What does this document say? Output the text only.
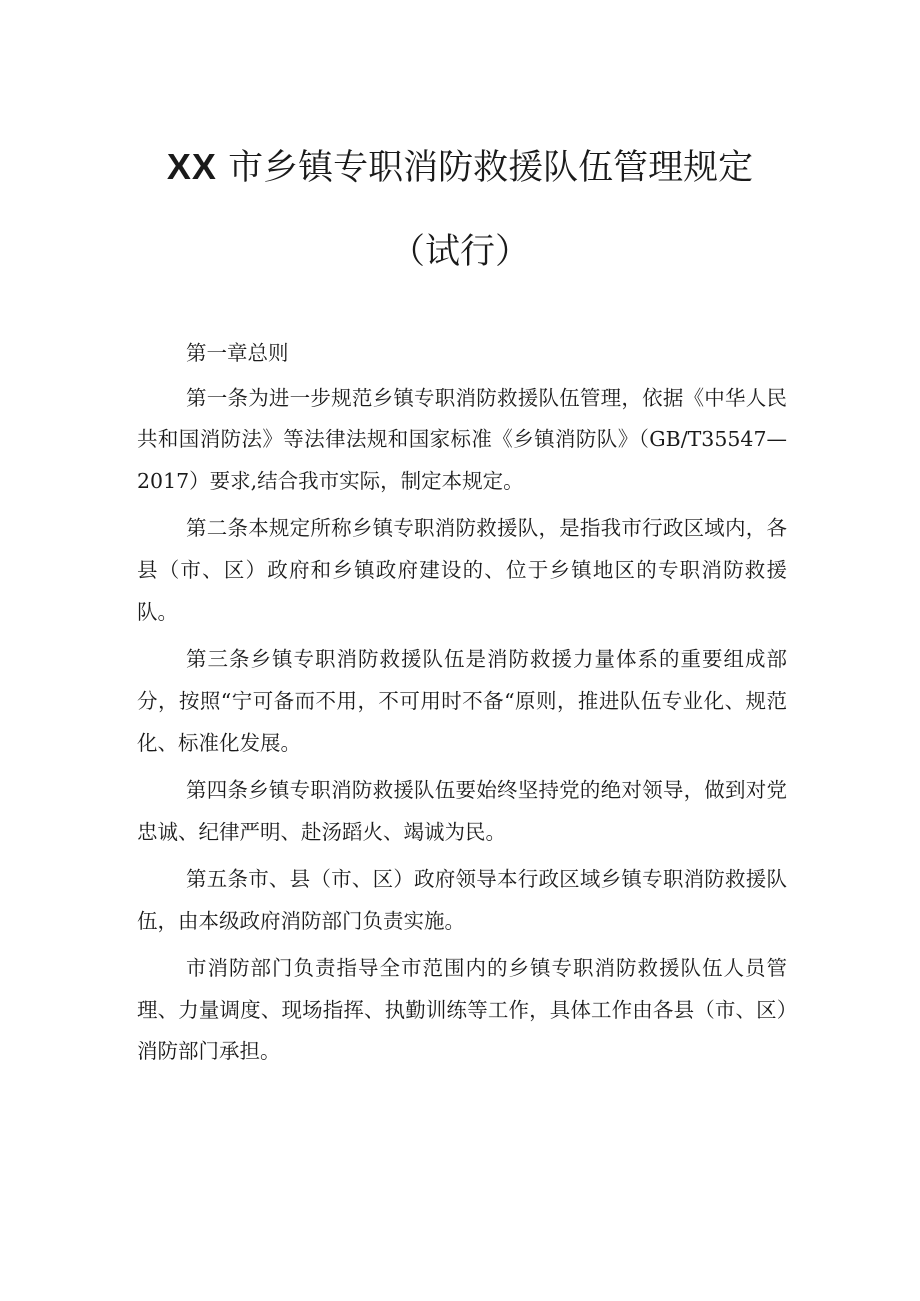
XX 市乡镇专职消防救援队伍管理规定
（试行）

第一章总则

第一条为进一步规范乡镇专职消防救援队伍管理，依据《中华人民共和国消防法》等法律法规和国家标准《乡镇消防队》（GB/T35547—2017）要求,结合我市实际，制定本规定。

第二条本规定所称乡镇专职消防救援队，是指我市行政区域内，各县（市、区）政府和乡镇政府建设的、位于乡镇地区的专职消防救援队。

第三条乡镇专职消防救援队伍是消防救援力量体系的重要组成部分，按照“宁可备而不用，不可用时不备“原则，推进队伍专业化、规范化、标准化发展。

第四条乡镇专职消防救援队伍要始终坚持党的绝对领导，做到对党忠诚、纪律严明、赴汤蹈火、竭诚为民。

第五条市、县（市、区）政府领导本行政区域乡镇专职消防救援队伍，由本级政府消防部门负责实施。

市消防部门负责指导全市范围内的乡镇专职消防救援队伍人员管理、力量调度、现场指挥、执勤训练等工作，具体工作由各县（市、区）消防部门承担。
